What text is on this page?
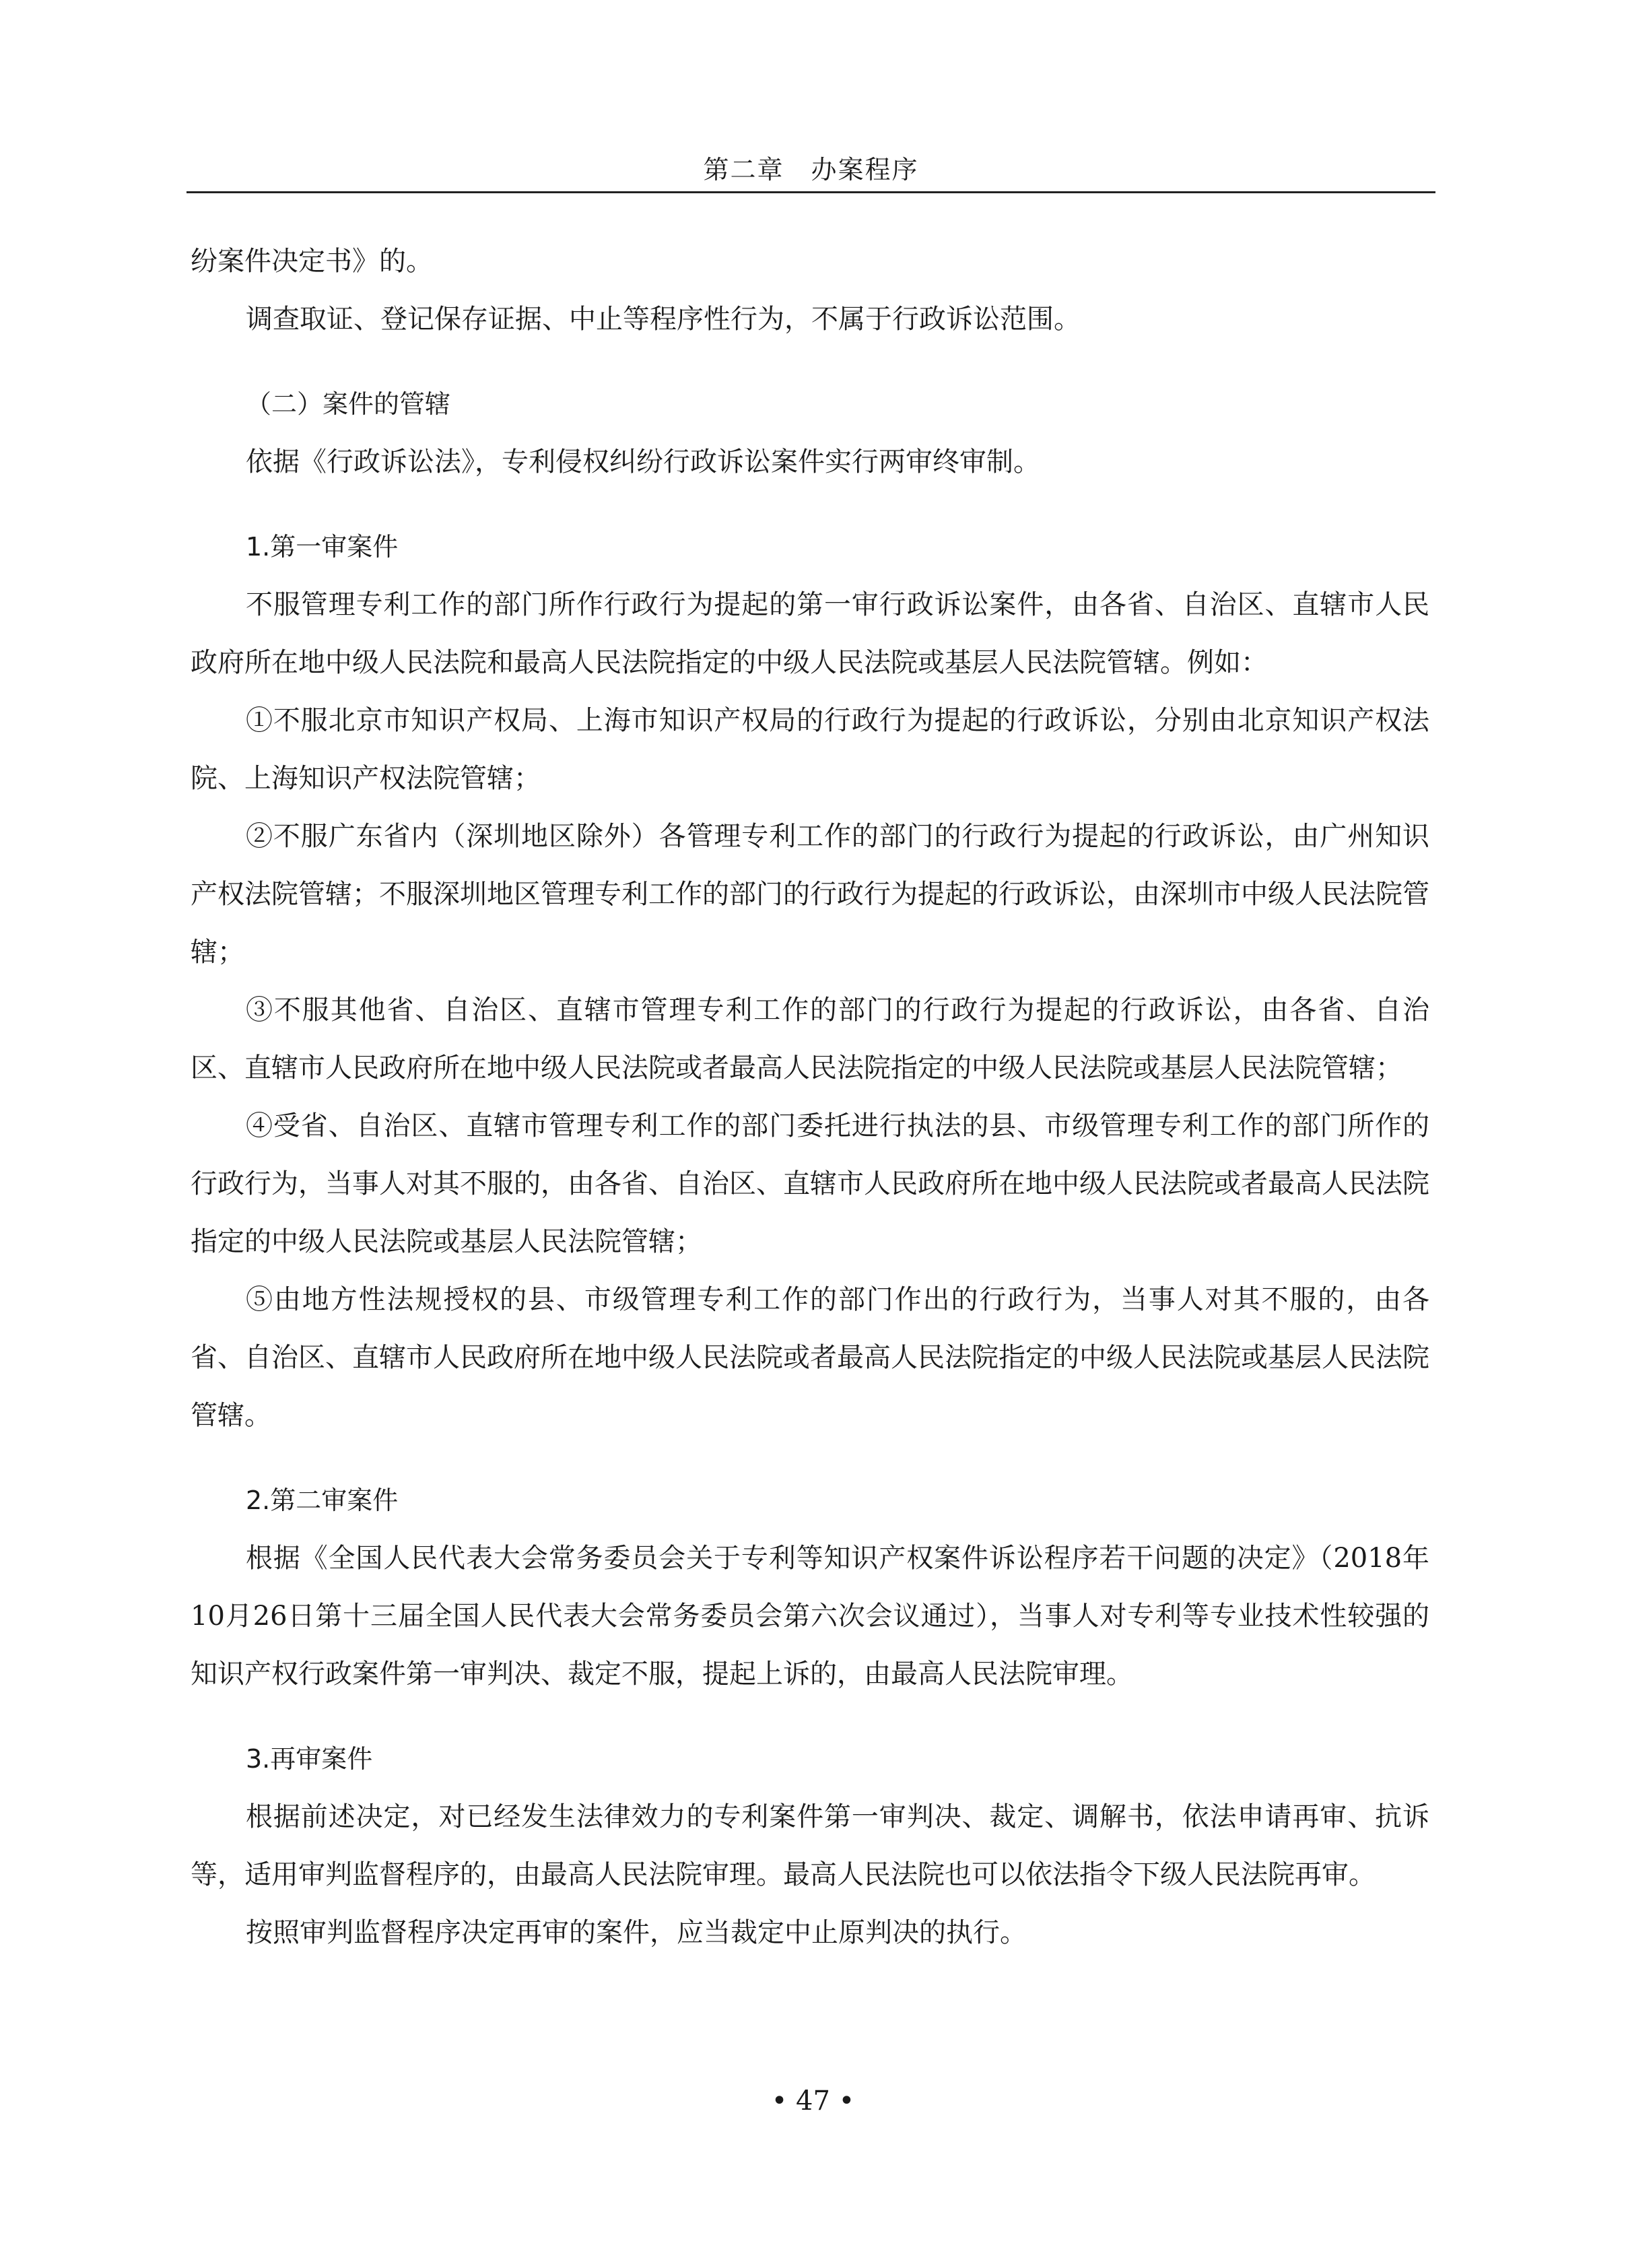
第二章　办案程序

纷案件决定书》的。

调查取证、登记保存证据、中止等程序性行为，不属于行政诉讼范围。

（二）案件的管辖

依据《行政诉讼法》，专利侵权纠纷行政诉讼案件实行两审终审制。

1.第一审案件

不服管理专利工作的部门所作行政行为提起的第一审行政诉讼案件，由各省、自治区、直辖市人民政府所在地中级人民法院和最高人民法院指定的中级人民法院或基层人民法院管辖。例如：

①不服北京市知识产权局、上海市知识产权局的行政行为提起的行政诉讼，分别由北京知识产权法院、上海知识产权法院管辖；

②不服广东省内（深圳地区除外）各管理专利工作的部门的行政行为提起的行政诉讼，由广州知识产权法院管辖；不服深圳地区管理专利工作的部门的行政行为提起的行政诉讼，由深圳市中级人民法院管辖；

③不服其他省、自治区、直辖市管理专利工作的部门的行政行为提起的行政诉讼，由各省、自治区、直辖市人民政府所在地中级人民法院或者最高人民法院指定的中级人民法院或基层人民法院管辖；

④受省、自治区、直辖市管理专利工作的部门委托进行执法的县、市级管理专利工作的部门所作的行政行为，当事人对其不服的，由各省、自治区、直辖市人民政府所在地中级人民法院或者最高人民法院指定的中级人民法院或基层人民法院管辖；

⑤由地方性法规授权的县、市级管理专利工作的部门作出的行政行为，当事人对其不服的，由各省、自治区、直辖市人民政府所在地中级人民法院或者最高人民法院指定的中级人民法院或基层人民法院管辖。

2.第二审案件

根据《全国人民代表大会常务委员会关于专利等知识产权案件诉讼程序若干问题的决定》（2018年10月26日第十三届全国人民代表大会常务委员会第六次会议通过），当事人对专利等专业技术性较强的知识产权行政案件第一审判决、裁定不服，提起上诉的，由最高人民法院审理。

3.再审案件

根据前述决定，对已经发生法律效力的专利案件第一审判决、裁定、调解书，依法申请再审、抗诉等，适用审判监督程序的，由最高人民法院审理。最高人民法院也可以依法指令下级人民法院再审。

按照审判监督程序决定再审的案件，应当裁定中止原判决的执行。

• 47 •
